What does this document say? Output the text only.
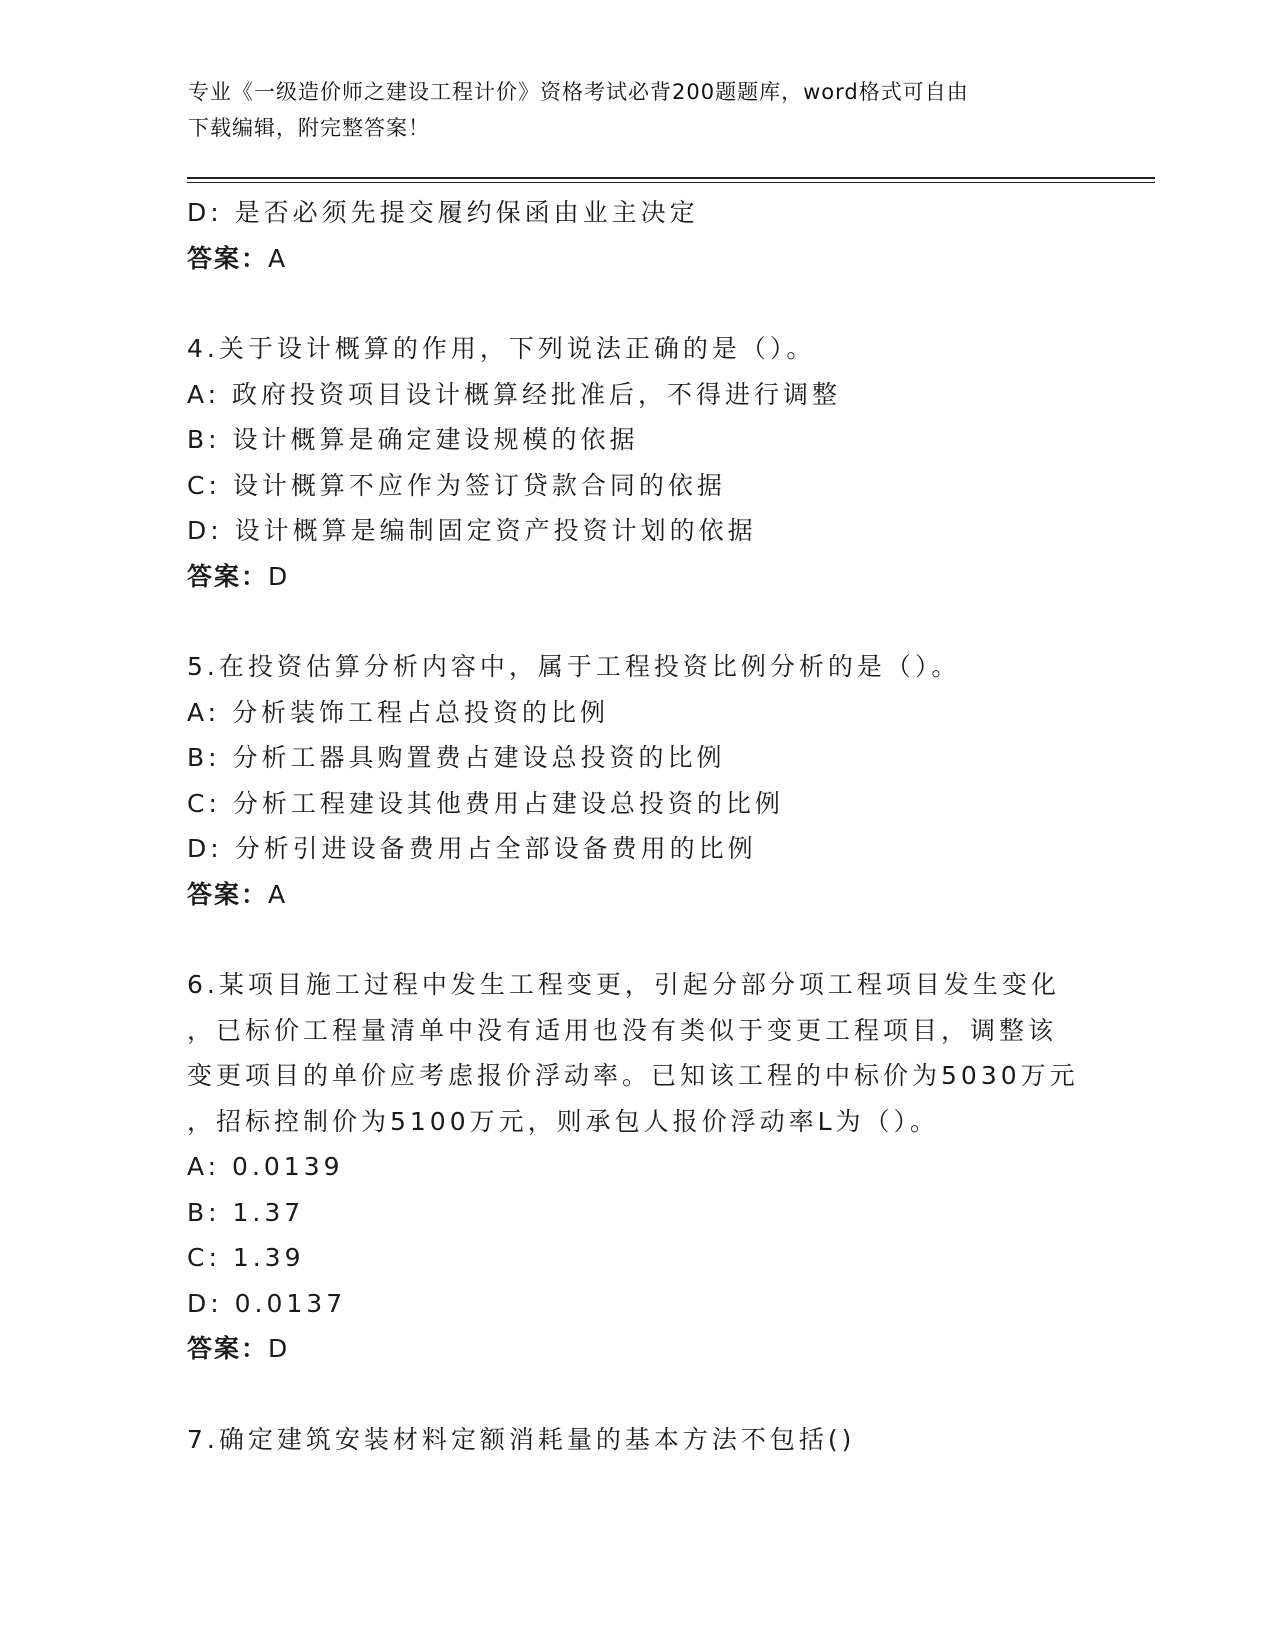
专业《一级造价师之建设工程计价》资格考试必背200题题库，word格式可自由
下载编辑，附完整答案！
D: 是否必须先提交履约保函由业主决定
答案：A
4.关于设计概算的作用，下列说法正确的是（）。
A: 政府投资项目设计概算经批准后，不得进行调整
B: 设计概算是确定建设规模的依据
C: 设计概算不应作为签订贷款合同的依据
D: 设计概算是编制固定资产投资计划的依据
答案：D
5.在投资估算分析内容中，属于工程投资比例分析的是（）。
A: 分析装饰工程占总投资的比例
B: 分析工器具购置费占建设总投资的比例
C: 分析工程建设其他费用占建设总投资的比例
D: 分析引进设备费用占全部设备费用的比例
答案：A
6.某项目施工过程中发生工程变更，引起分部分项工程项目发生变化
，已标价工程量清单中没有适用也没有类似于变更工程项目，调整该
变更项目的单价应考虑报价浮动率。已知该工程的中标价为5030万元
，招标控制价为5100万元，则承包人报价浮动率L为（）。
A: 0.0139
B: 1.37
C: 1.39
D: 0.0137
答案：D
7.确定建筑安装材料定额消耗量的基本方法不包括()
